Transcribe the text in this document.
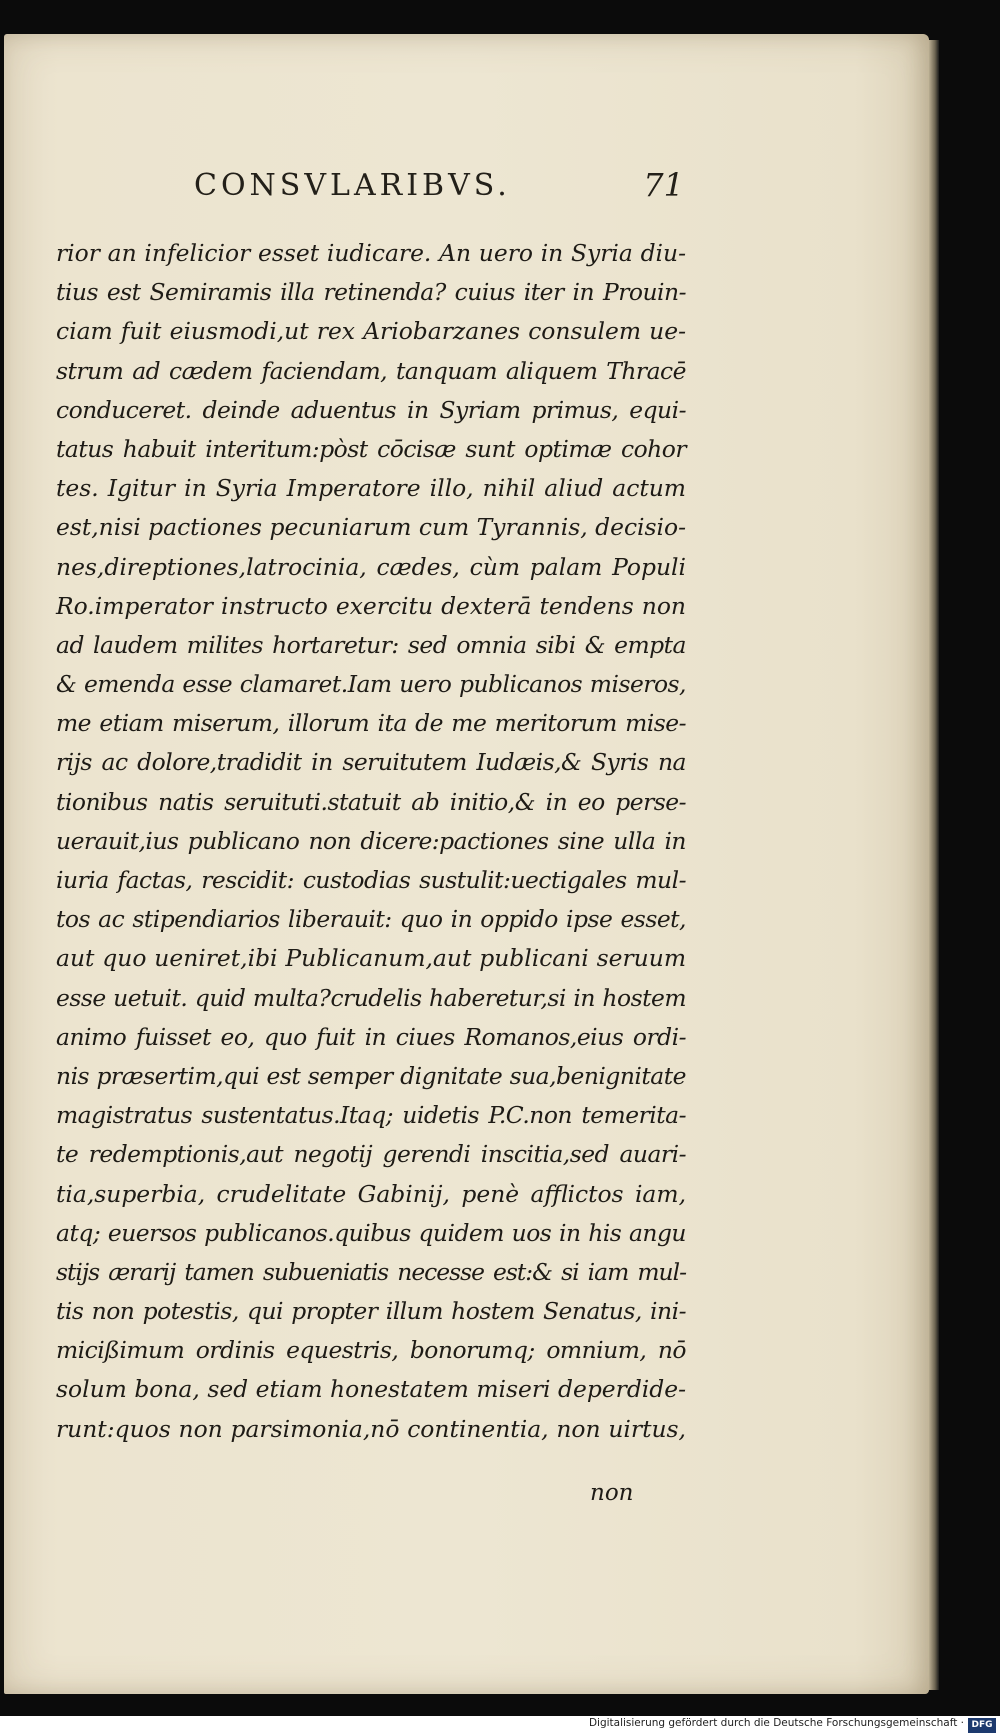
CONSVLARIBVS.	71
rior an infelicior esset iudicare. An uero in Syria diu-
tius est Semiramis illa retinenda? cuius iter in Prouin-
ciam fuit eiusmodi,ut rex Ariobarzanes consulem ue-
strum ad cædem faciendam, tanquam aliquem Thracē
conduceret. deinde aduentus in Syriam primus, equi-
tatus habuit interitum:pòst cōcisæ sunt optimæ cohor
tes. Igitur in Syria Imperatore illo, nihil aliud actum
est,nisi pactiones pecuniarum cum Tyrannis, decisio-
nes,direptiones,latrocinia, cædes, cùm palam Populi
Ro.imperator instructo exercitu dexterā tendens non
ad laudem milites hortaretur: sed omnia sibi & empta
& emenda esse clamaret.Iam uero publicanos miseros,
me etiam miserum, illorum ita de me meritorum mise-
rijs ac dolore,tradidit in seruitutem Iudæis,& Syris na
tionibus natis seruituti.statuit ab initio,& in eo perse-
uerauit,ius publicano non dicere:pactiones sine ulla in
iuria factas, rescidit: custodias sustulit:uectigales mul-
tos ac stipendiarios liberauit: quo in oppido ipse esset,
aut quo ueniret,ibi Publicanum,aut publicani seruum
esse uetuit. quid multa?crudelis haberetur,si in hostem
animo fuisset eo, quo fuit in ciues Romanos,eius ordi-
nis præsertim,qui est semper dignitate sua,benignitate
magistratus sustentatus.Itaq; uidetis P.C.non temerita-
te redemptionis,aut negotij gerendi inscitia,sed auari-
tia,superbia, crudelitate Gabinij, penè afflictos iam,
atq; euersos publicanos.quibus quidem uos in his angu
stijs ærarij tamen subueniatis necesse est:& si iam mul-
tis non potestis, qui propter illum hostem Senatus, ini-
micißimum ordinis equestris, bonorumq; omnium, nō
solum bona, sed etiam honestatem miseri deperdide-
runt:quos non parsimonia,nō continentia, non uirtus,
non
Digitalisierung gefördert durch die Deutsche Forschungsgemeinschaft · DFG
